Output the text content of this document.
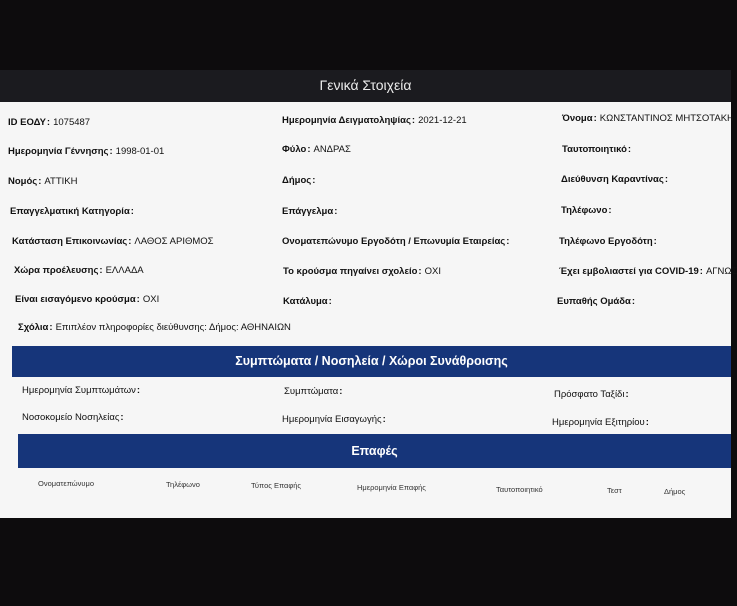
Γενικά Στοιχεία
ID ΕΟΔΥ: 1075487	Ημερομηνία Δειγματοληψίας: 2021-12-21	Όνομα: ΚΩΝΣΤΑΝΤΙΝΟΣ ΜΗΤΣΟΤΑΚΗ
Ημερομηνία Γέννησης: 1998-01-01	Φύλο: ΑΝΔΡΑΣ	Ταυτοποιητικό:
Νομός: ΑΤΤΙΚΗ	Δήμος:	Διεύθυνση Καραντίνας:
Επαγγελματική Κατηγορία:	Επάγγελμα:	Τηλέφωνο:
Κατάσταση Επικοινωνίας: ΛΑΘΟΣ ΑΡΙΘΜΟΣ	Ονοματεπώνυμο Εργοδότη / Επωνυμία Εταιρείας:	Τηλέφωνο Εργοδότη:
Χώρα προέλευσης: ΕΛΛΑΔΑ	Το κρούσμα πηγαίνει σχολείο: ΟΧΙ	Έχει εμβολιαστεί για COVID-19: ΑΓΝΩΣ
Είναι εισαγόμενο κρούσμα: ΟΧΙ	Κατάλυμα:	Ευπαθής Ομάδα:
Σχόλια: Επιπλέον πληροφορίες διεύθυνσης: Δήμος: ΑΘΗΝΑΙΩΝ
Συμπτώματα / Νοσηλεία / Χώροι Συνάθροισης
Ημερομηνία Συμπτωμάτων:	Συμπτώματα:	Πρόσφατο Ταξίδι:
Νοσοκομείο Νοσηλείας:	Ημερομηνία Εισαγωγής:	Ημερομηνία Εξιτηρίου:
Επαφές
Ονοματεπώνυμο	Τηλέφωνο	Τύπος Επαφής	Ημερομηνία Επαφής	Ταυτοποιητικό	Τεστ	Δήμος
